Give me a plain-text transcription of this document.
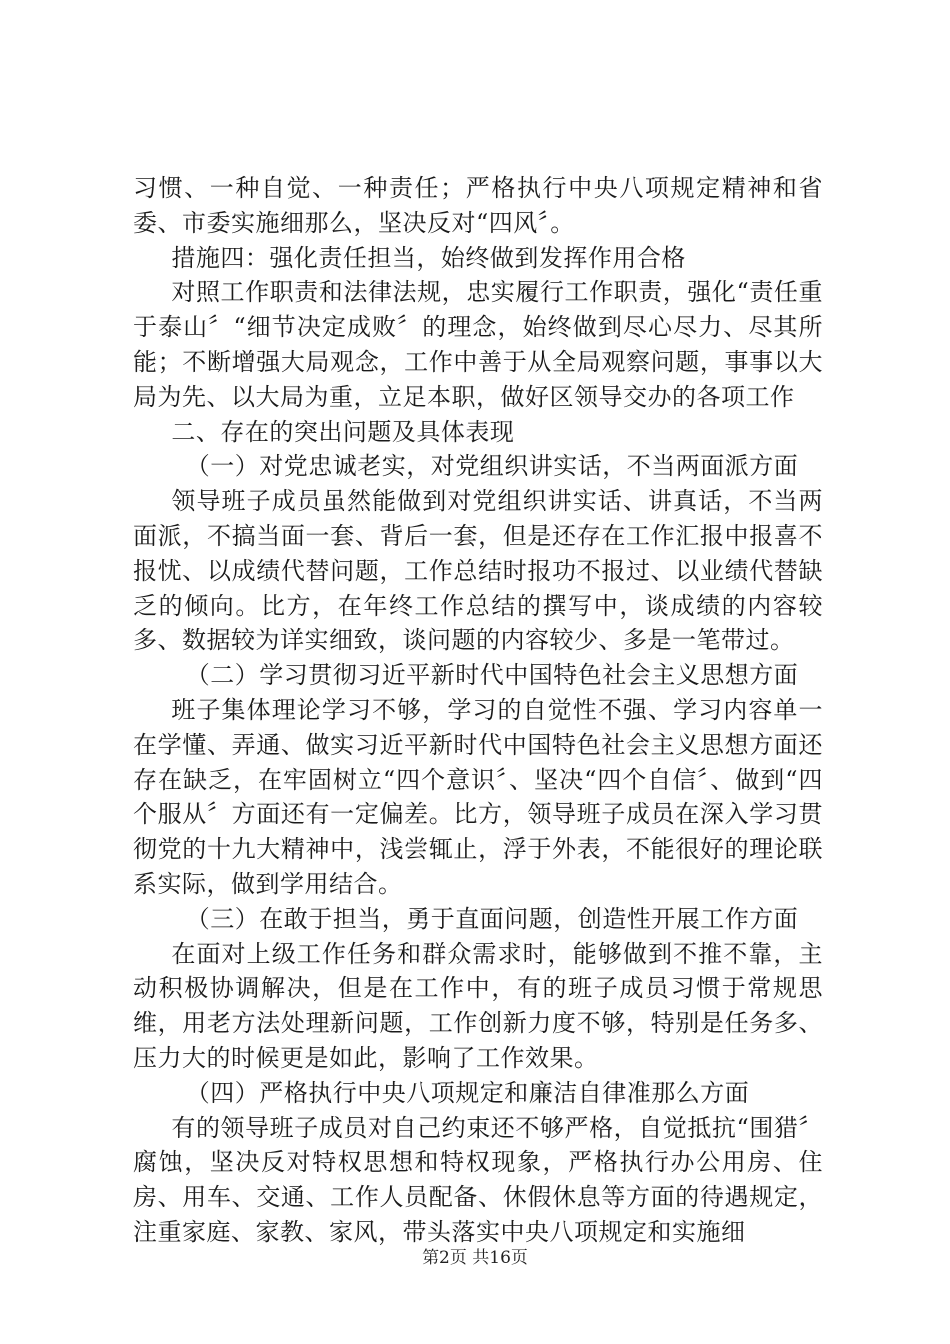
习惯、一种自觉、一种责任；严格执行中央八项规定精神和省委、市委实施细那么，坚决反对“四风〞。

措施四：强化责任担当，始终做到发挥作用合格

对照工作职责和法律法规，忠实履行工作职责，强化“责任重于泰山〞“细节决定成败〞的理念，始终做到尽心尽力、尽其所能；不断增强大局观念，工作中善于从全局观察问题，事事以大局为先、以大局为重，立足本职，做好区领导交办的各项工作

二、存在的突出问题及具体表现

（一）对党忠诚老实，对党组织讲实话，不当两面派方面

领导班子成员虽然能做到对党组织讲实话、讲真话，不当两面派，不搞当面一套、背后一套，但是还存在工作汇报中报喜不报忧、以成绩代替问题，工作总结时报功不报过、以业绩代替缺乏的倾向。比方，在年终工作总结的撰写中，谈成绩的内容较多、数据较为详实细致，谈问题的内容较少、多是一笔带过。

（二）学习贯彻习近平新时代中国特色社会主义思想方面

班子集体理论学习不够，学习的自觉性不强、学习内容单一在学懂、弄通、做实习近平新时代中国特色社会主义思想方面还存在缺乏，在牢固树立“四个意识〞、坚决“四个自信〞、做到“四个服从〞方面还有一定偏差。比方，领导班子成员在深入学习贯彻党的十九大精神中，浅尝辄止，浮于外表，不能很好的理论联系实际，做到学用结合。

（三）在敢于担当，勇于直面问题，创造性开展工作方面

在面对上级工作任务和群众需求时，能够做到不推不靠，主动积极协调解决，但是在工作中，有的班子成员习惯于常规思维，用老方法处理新问题，工作创新力度不够，特别是任务多、压力大的时候更是如此，影响了工作效果。

（四）严格执行中央八项规定和廉洁自律准那么方面

有的领导班子成员对自己约束还不够严格，自觉抵抗“围猎〞腐蚀，坚决反对特权思想和特权现象，严格执行办公用房、住房、用车、交通、工作人员配备、休假休息等方面的待遇规定，注重家庭、家教、家风，带头落实中央八项规定和实施细

第2页 共16页
